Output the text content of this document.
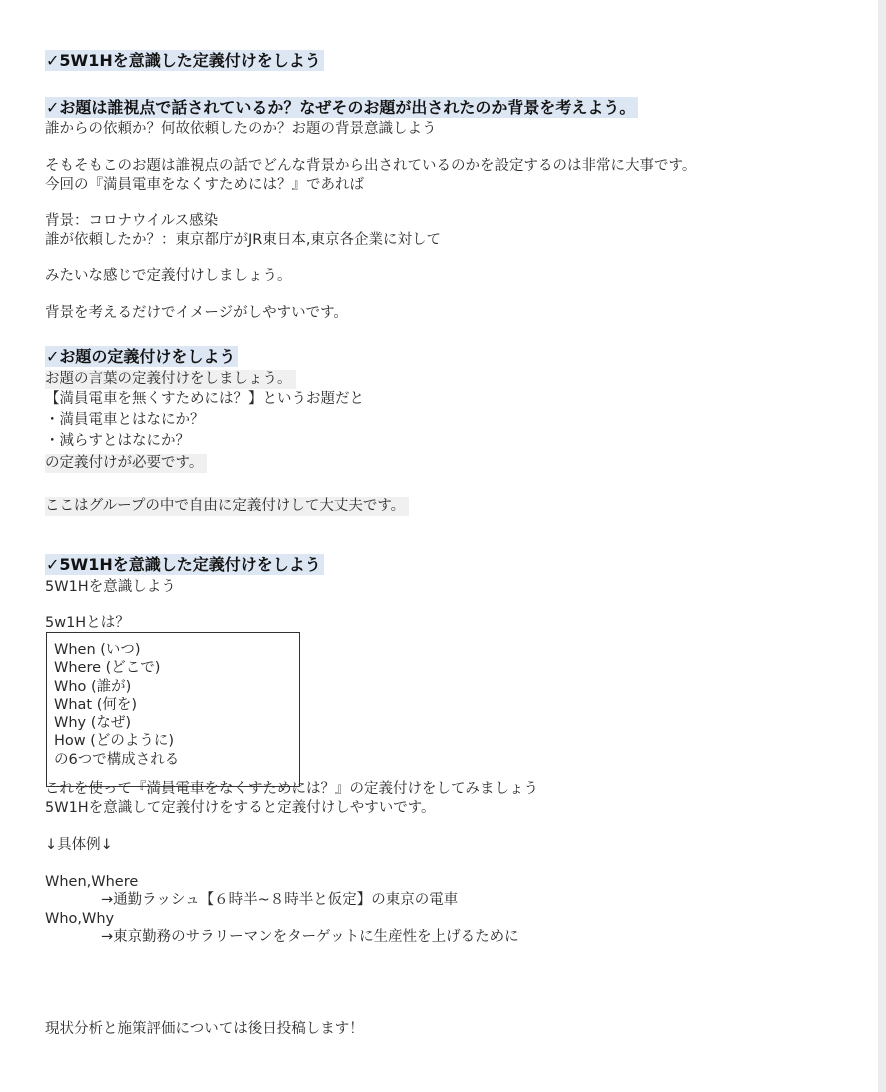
✓5W1Hを意識した定義付けをしよう
✓お題は誰視点で話されているか？なぜそのお題が出されたのか背景を考えよう。
誰からの依頼か？何故依頼したのか？お題の背景意識しよう
そもそもこのお題は誰視点の話でどんな背景から出されているのかを設定するのは非常に大事です。
今回の『満員電車をなくすためには？』であれば
背景：コロナウイルス感染
誰が依頼したか？：東京都庁がJR東日本,東京各企業に対して
みたいな感じで定義付けしましょう。
背景を考えるだけでイメージがしやすいです。
✓お題の定義付けをしよう
お題の言葉の定義付けをしましょう。
【満員電車を無くすためには？】というお題だと
・満員電車とはなにか？
・減らすとはなにか？
の定義付けが必要です。
ここはグループの中で自由に定義付けして大丈夫です。
✓5W1Hを意識した定義付けをしよう
5W1Hを意識しよう
5w1Hとは？
When (いつ)
Where (どこで)
Who (誰が)
What (何を)
Why (なぜ)
How (どのように)
の6つで構成される
これを使って『満員電車をなくすためには？』の定義付けをしてみましょう
5W1Hを意識して定義付けをすると定義付けしやすいです。
↓具体例↓
When,Where
→通勤ラッシュ【６時半~８時半と仮定】の東京の電車
Who,Why
→東京勤務のサラリーマンをターゲットに生産性を上げるために
現状分析と施策評価については後日投稿します！
